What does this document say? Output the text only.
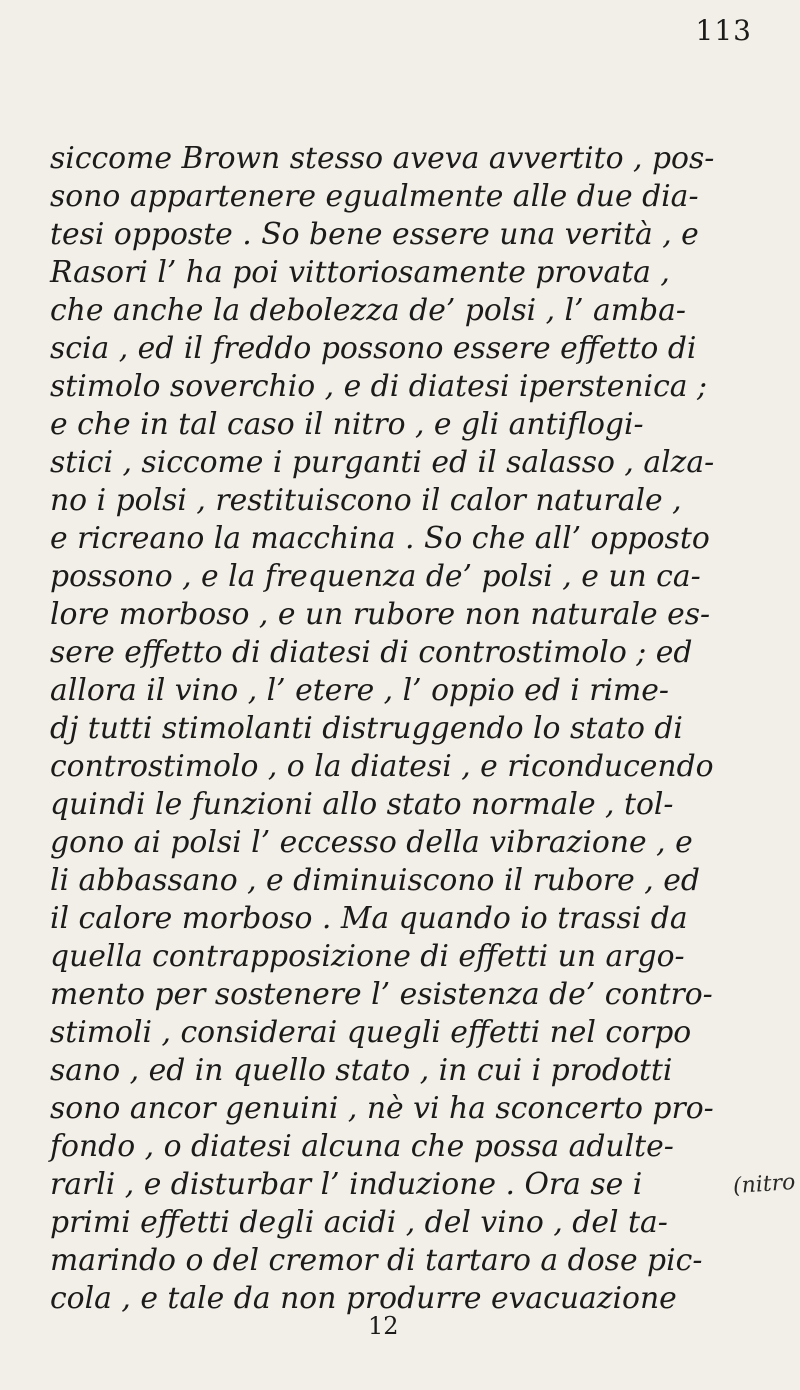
113
siccome Brown stesso aveva avvertito , pos-
sono appartenere egualmente alle due dia-
tesi opposte . So bene essere una verità , e
Rasori l’ ha poi vittoriosamente provata ,
che anche la debolezza de’ polsi , l’ amba-
scia , ed il freddo possono essere effetto di
stimolo soverchio , e di diatesi iperstenica ;
e che in tal caso il nitro , e gli antiflogi-
stici , siccome i purganti ed il salasso , alza-
no i polsi , restituiscono il calor naturale ,
e ricreano la macchina . So che all’ opposto
possono , e la frequenza de’ polsi , e un ca-
lore morboso , e un rubore non naturale es-
sere effetto di diatesi di controstimolo ; ed
allora il vino , l’ etere , l’ oppio ed i rime-
dj tutti stimolanti distruggendo lo stato di
controstimolo , o la diatesi , e riconducendo
quindi le funzioni allo stato normale , tol-
gono ai polsi l’ eccesso della vibrazione , e
li abbassano , e diminuiscono il rubore , ed
il calore morboso . Ma quando io trassi da
quella contrapposizione di effetti un argo-
mento per sostenere l’ esistenza de’ contro-
stimoli , considerai quegli effetti nel corpo
sano , ed in quello stato , in cui i prodotti
sono ancor genuini , nè vi ha sconcerto pro-
fondo , o diatesi alcuna che possa adulte-
rarli , e disturbar l’ induzione . Ora se i
primi effetti degli acidi , del vino , del ta-
marindo o del cremor di tartaro a dose pic-
cola , e tale da non produrre evacuazione
(nitro
12
